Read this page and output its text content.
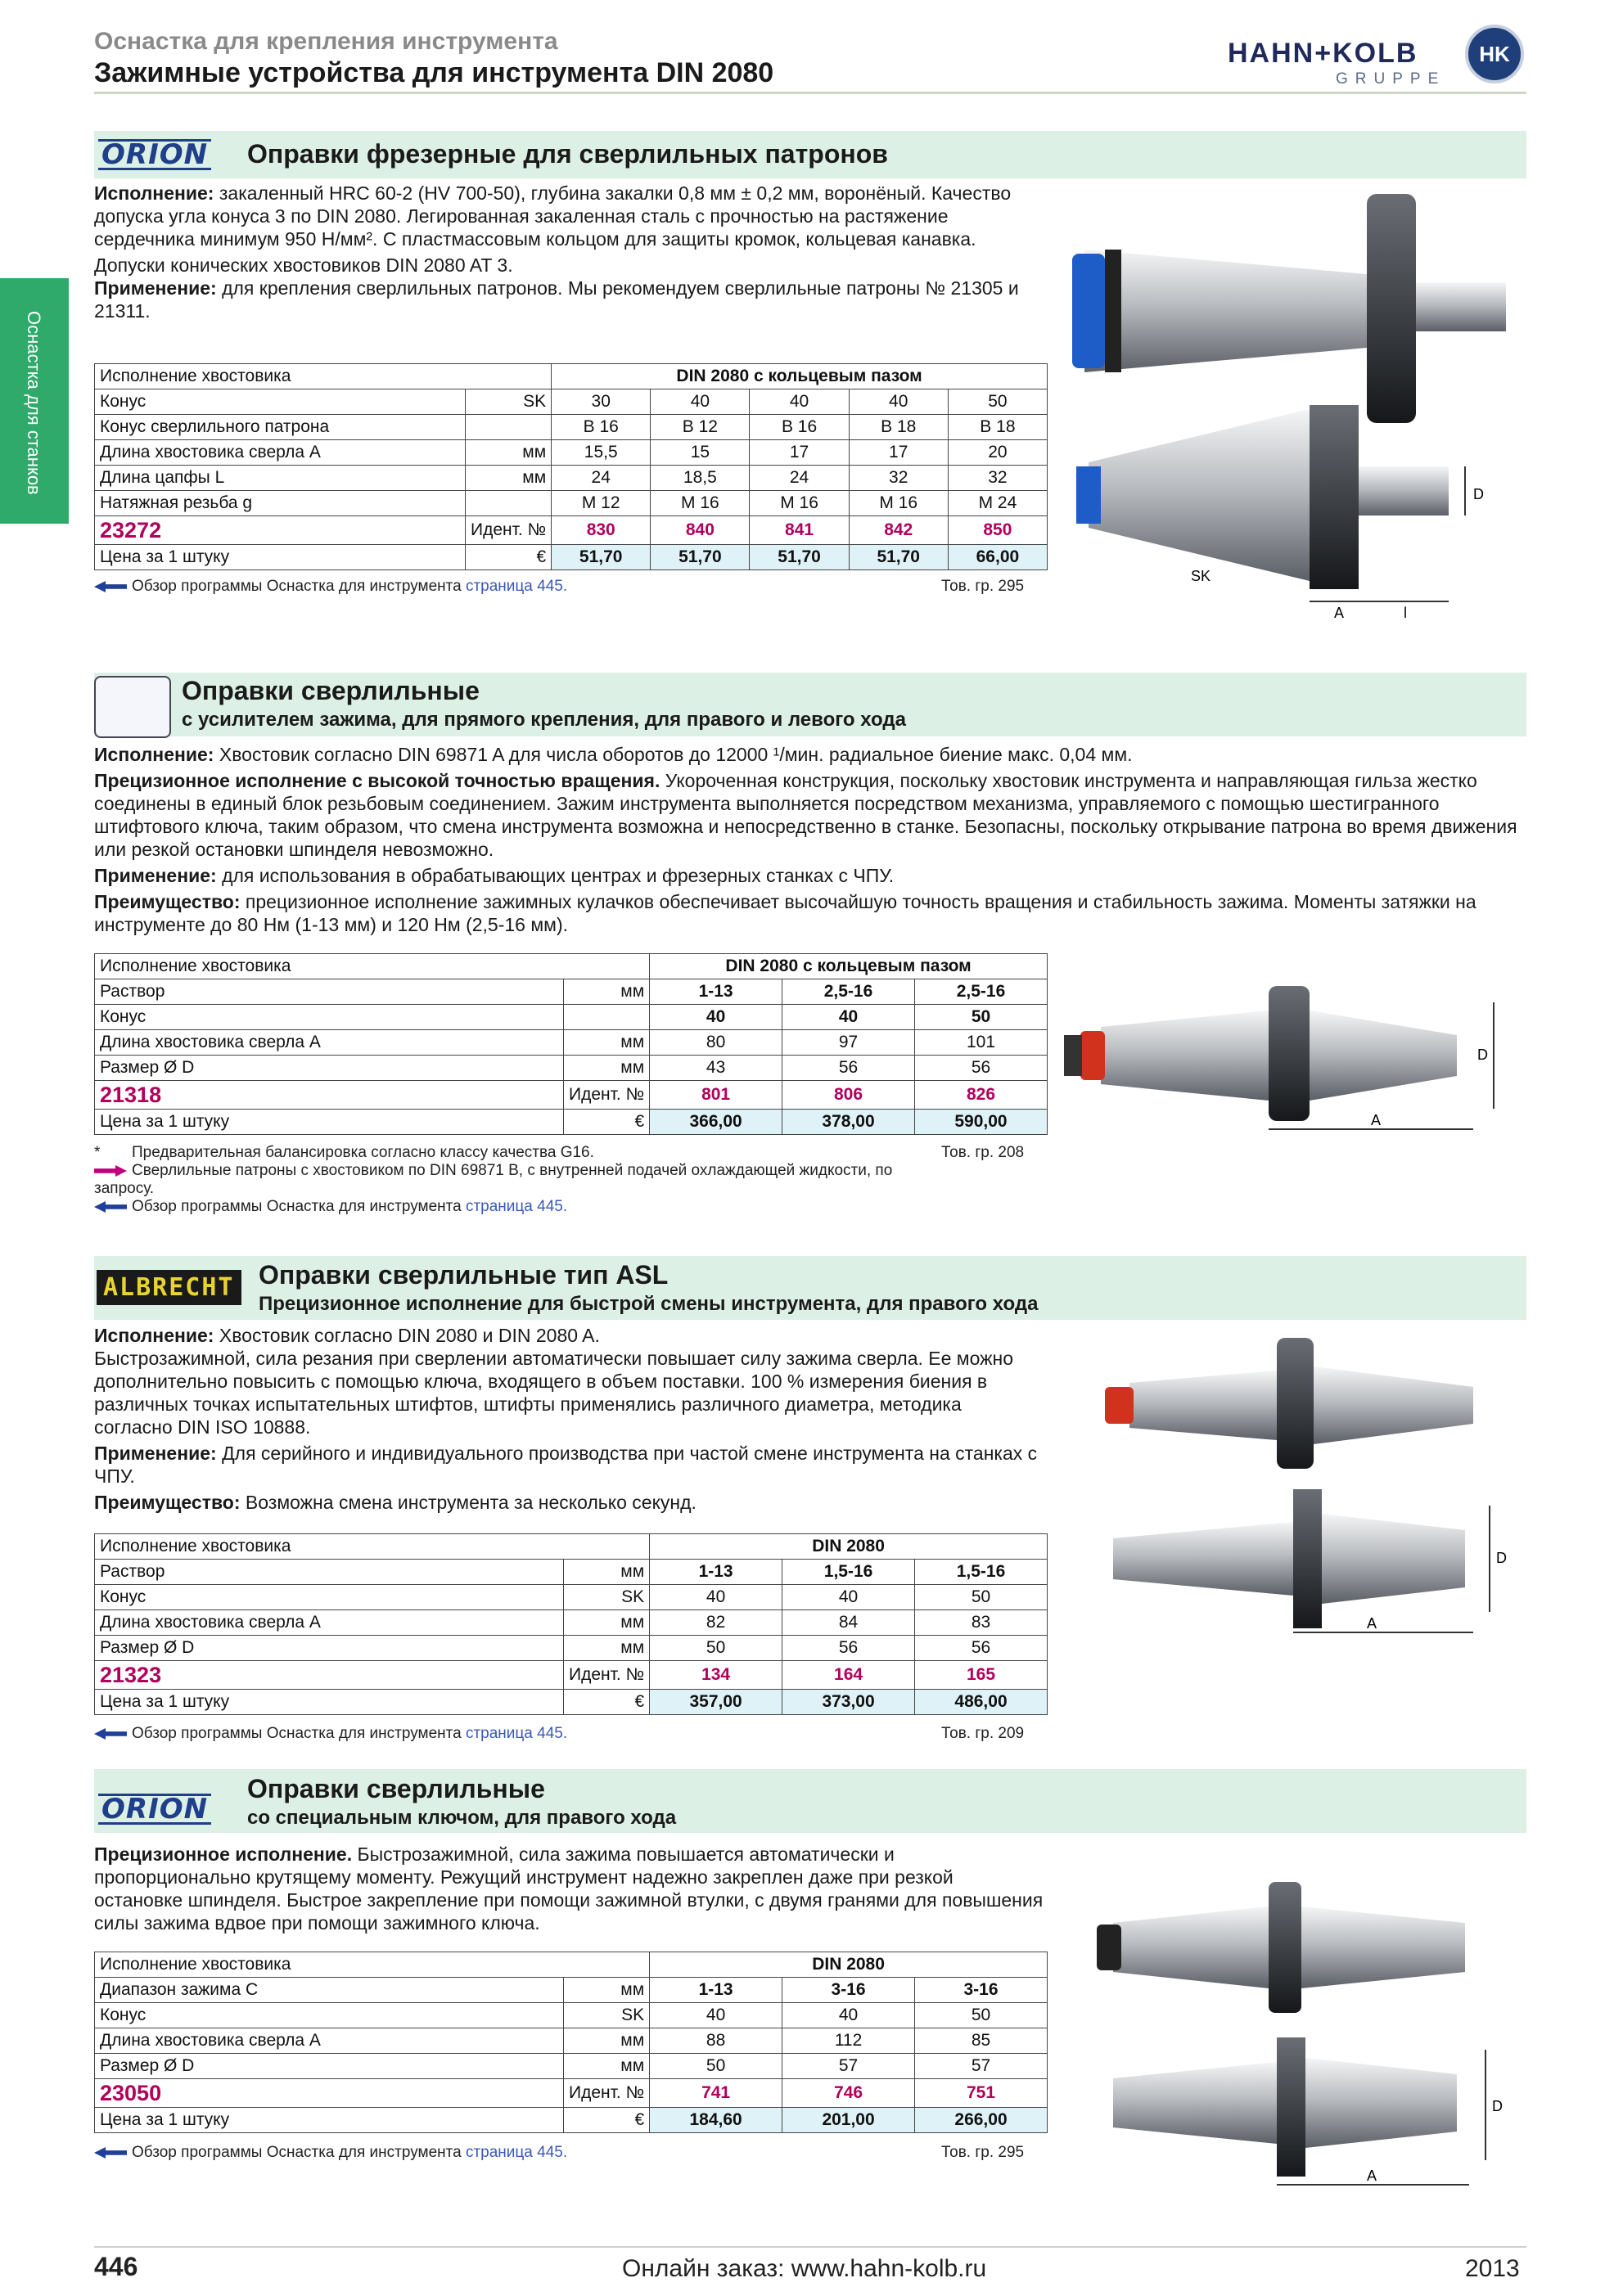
Оснастка для крепления инструмента
Зажимные устройства для инструмента DIN 2080
HAHN+KOLB
GRUPPE
HK
Оснастка для станков
ORION Оправки фрезерные для сверлильных патронов
Исполнение: закаленный HRC 60-2 (HV 700-50), глубина закалки 0,8 мм ± 0,2 мм, воронёный. Качество допуска угла конуса 3 по DIN 2080. Легированная закаленная сталь с прочностью на растяжение сердечника минимум 950 Н/мм². С пластмассовым кольцом для защиты кромок, кольцевая канавка.
Допуски конических хвостовиков DIN 2080 AT 3.
Применение: для крепления сверлильных патронов. Мы рекомендуем сверлильные патроны № 21305 и 21311.
Исполнение хвостовика		DIN 2080 с кольцевым пазом				
Конус	SK	30	40	40	40	50
Конус сверлильного патрона		B 16	B 12	B 16	B 18	B 18
Длина хвостовика сверла A	мм	15,5	15	17	17	20
Длина цапфы L	мм	24	18,5	24	32	32
Натяжная резьба g		M 12	M 16	M 16	M 16	M 24
23272	Идент. №	830	840	841	842	850
Цена за 1 штуку	€	51,70	51,70	51,70	51,70	66,00
Обзор программы Оснастка для инструмента страница 445.	Тов. гр. 295
D
SK
A	l
Оправки сверлильные
с усилителем зажима, для прямого крепления, для правого и левого хода
Исполнение: Хвостовик согласно DIN 69871 A для числа оборотов до 12000 ¹/мин. радиальное биение макс. 0,04 мм.
Прецизионное исполнение с высокой точностью вращения. Укороченная конструкция, поскольку хвостовик инструмента и направляющая гильза жестко соединены в единый блок резьбовым соединением. Зажим инструмента выполняется посредством механизма, управляемого с помощью шестигранного штифтового ключа, таким образом, что смена инструмента возможна и непосредственно в станке. Безопасны, поскольку открывание патрона во время движения или резкой остановки шпинделя невозможно.
Применение: для использования в обрабатывающих центрах и фрезерных станках с ЧПУ.
Преимущество: прецизионное исполнение зажимных кулачков обеспечивает высочайшую точность вращения и стабильность зажима. Моменты затяжки на инструменте до 80 Нм (1-13 мм) и 120 Нм (2,5-16 мм).
Исполнение хвостовика		DIN 2080 с кольцевым пазом		
Раствор	мм	1-13	2,5-16	2,5-16
Конус		40	40	50
Длина хвостовика сверла A	мм	80	97	101
Размер Ø D	мм	43	56	56
21318	Идент. №	801	806	826
Цена за 1 штуку	€	366,00	378,00	590,00
* Предварительная балансировка согласно классу качества G16.
Сверлильные патроны с хвостовиком по DIN 69871 B, с внутренней подачей охлаждающей жидкости, по запросу.
Обзор программы Оснастка для инструмента страница 445.
Тов. гр. 208
D
A
ALBRECHT Оправки сверлильные тип ASL
Прецизионное исполнение для быстрой смены инструмента, для правого хода
Исполнение: Хвостовик согласно DIN 2080 и DIN 2080 A.
Быстрозажимной, сила резания при сверлении автоматически повышает силу зажима сверла. Ее можно дополнительно повысить с помощью ключа, входящего в объем поставки. 100 % измерения биения в различных точках испытательных штифтов, штифты применялись различного диаметра, методика согласно DIN ISO 10888.
Применение: Для серийного и индивидуального производства при частой смене инструмента на станках с ЧПУ.
Преимущество: Возможна смена инструмента за несколько секунд.
Исполнение хвостовика		DIN 2080		
Раствор	мм	1-13	1,5-16	1,5-16
Конус	SK	40	40	50
Длина хвостовика сверла A	мм	82	84	83
Размер Ø D	мм	50	56	56
21323	Идент. №	134	164	165
Цена за 1 штуку	€	357,00	373,00	486,00
Обзор программы Оснастка для инструмента страница 445.	Тов. гр. 209
D
A
ORION
Оправки сверлильные
со специальным ключом, для правого хода
Прецизионное исполнение. Быстрозажимной, сила зажима повышается автоматически и пропорционально крутящему моменту. Режущий инструмент надежно закреплен даже при резкой остановке шпинделя. Быстрое закрепление при помощи зажимной втулки, с двумя гранями для повышения силы зажима вдвое при помощи зажимного ключа.
Исполнение хвостовика		DIN 2080		
Диапазон зажима С	мм	1-13	3-16	3-16
Конус	SK	40	40	50
Длина хвостовика сверла A	мм	88	112	85
Размер Ø D	мм	50	57	57
23050	Идент. №	741	746	751
Цена за 1 штуку	€	184,60	201,00	266,00
Обзор программы Оснастка для инструмента страница 445.	Тов. гр. 295
D
A
446	Онлайн заказ: www.hahn-kolb.ru	2013
